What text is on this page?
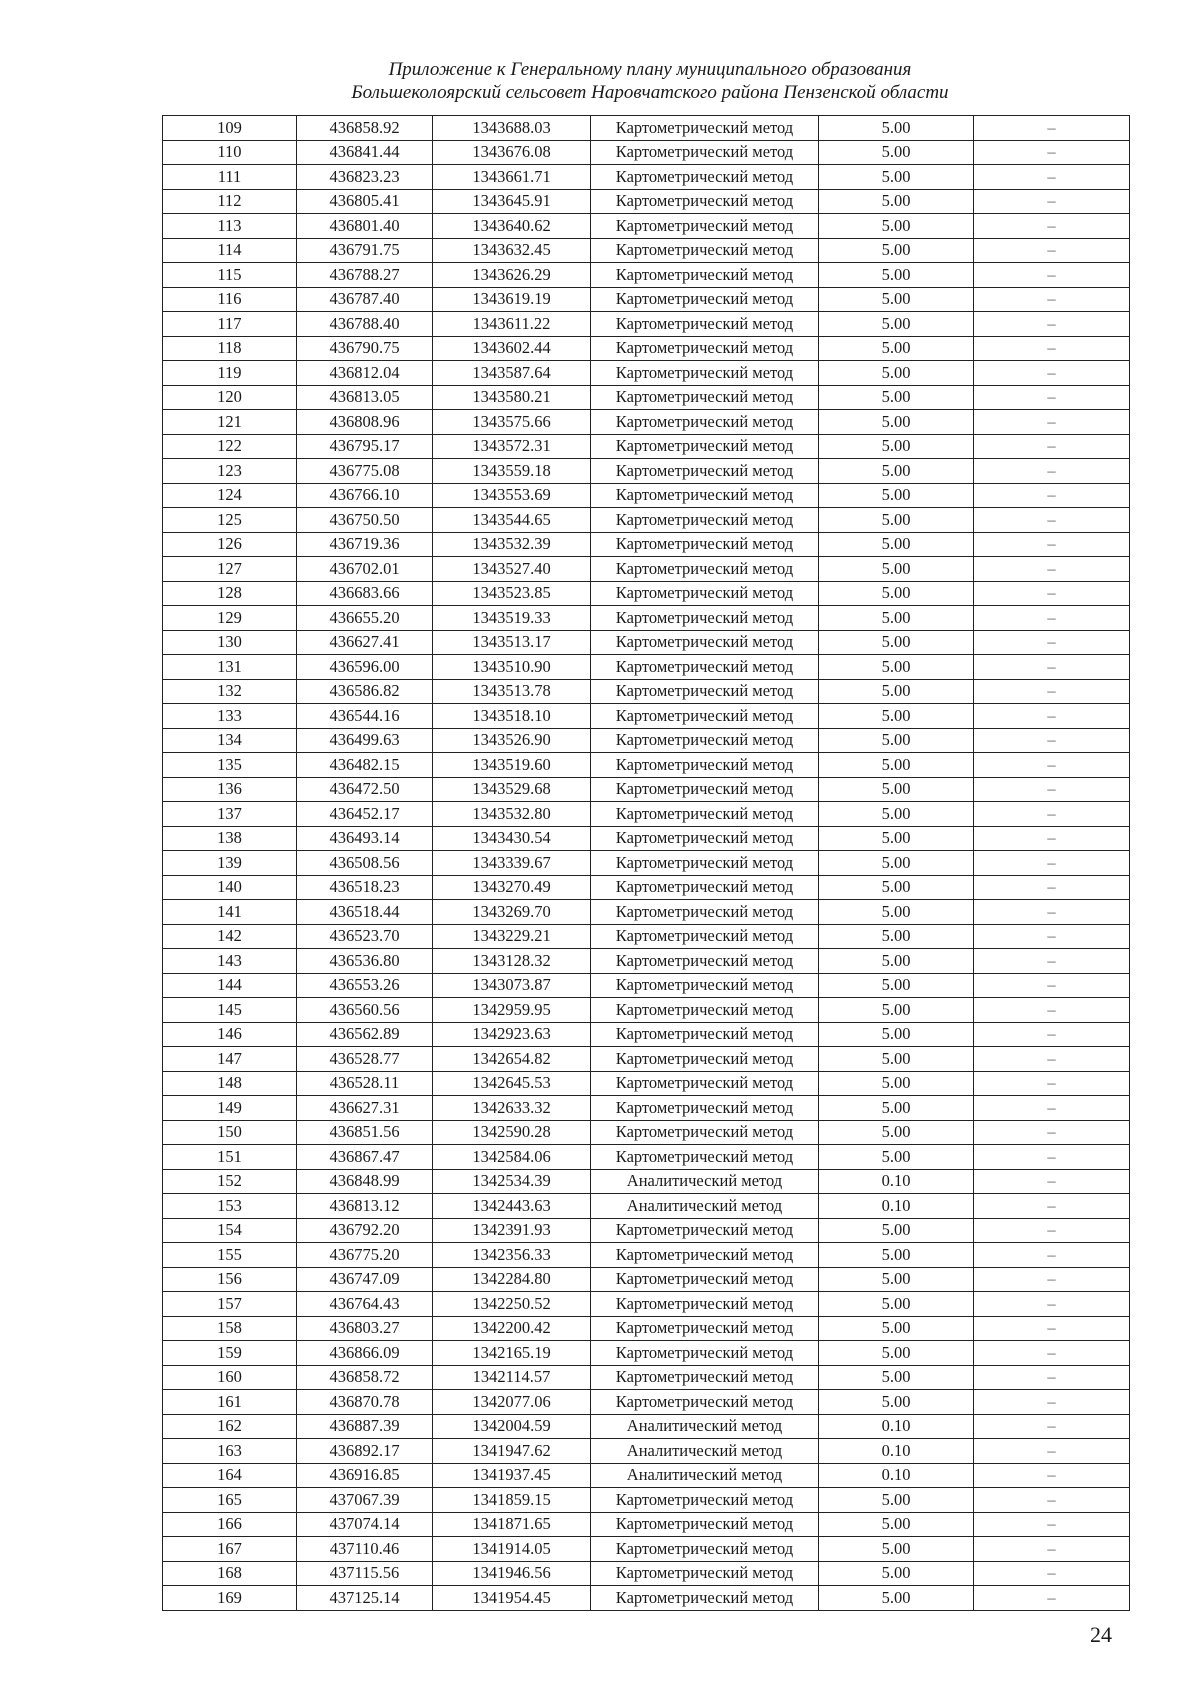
Приложение к Генеральному плану муниципального образования
Большеколоярский сельсовет Наровчатского района Пензенской области
109	436858.92	1343688.03	Картометрический метод	5.00	–
110	436841.44	1343676.08	Картометрический метод	5.00	–
111	436823.23	1343661.71	Картометрический метод	5.00	–
112	436805.41	1343645.91	Картометрический метод	5.00	–
113	436801.40	1343640.62	Картометрический метод	5.00	–
114	436791.75	1343632.45	Картометрический метод	5.00	–
115	436788.27	1343626.29	Картометрический метод	5.00	–
116	436787.40	1343619.19	Картометрический метод	5.00	–
117	436788.40	1343611.22	Картометрический метод	5.00	–
118	436790.75	1343602.44	Картометрический метод	5.00	–
119	436812.04	1343587.64	Картометрический метод	5.00	–
120	436813.05	1343580.21	Картометрический метод	5.00	–
121	436808.96	1343575.66	Картометрический метод	5.00	–
122	436795.17	1343572.31	Картометрический метод	5.00	–
123	436775.08	1343559.18	Картометрический метод	5.00	–
124	436766.10	1343553.69	Картометрический метод	5.00	–
125	436750.50	1343544.65	Картометрический метод	5.00	–
126	436719.36	1343532.39	Картометрический метод	5.00	–
127	436702.01	1343527.40	Картометрический метод	5.00	–
128	436683.66	1343523.85	Картометрический метод	5.00	–
129	436655.20	1343519.33	Картометрический метод	5.00	–
130	436627.41	1343513.17	Картометрический метод	5.00	–
131	436596.00	1343510.90	Картометрический метод	5.00	–
132	436586.82	1343513.78	Картометрический метод	5.00	–
133	436544.16	1343518.10	Картометрический метод	5.00	–
134	436499.63	1343526.90	Картометрический метод	5.00	–
135	436482.15	1343519.60	Картометрический метод	5.00	–
136	436472.50	1343529.68	Картометрический метод	5.00	–
137	436452.17	1343532.80	Картометрический метод	5.00	–
138	436493.14	1343430.54	Картометрический метод	5.00	–
139	436508.56	1343339.67	Картометрический метод	5.00	–
140	436518.23	1343270.49	Картометрический метод	5.00	–
141	436518.44	1343269.70	Картометрический метод	5.00	–
142	436523.70	1343229.21	Картометрический метод	5.00	–
143	436536.80	1343128.32	Картометрический метод	5.00	–
144	436553.26	1343073.87	Картометрический метод	5.00	–
145	436560.56	1342959.95	Картометрический метод	5.00	–
146	436562.89	1342923.63	Картометрический метод	5.00	–
147	436528.77	1342654.82	Картометрический метод	5.00	–
148	436528.11	1342645.53	Картометрический метод	5.00	–
149	436627.31	1342633.32	Картометрический метод	5.00	–
150	436851.56	1342590.28	Картометрический метод	5.00	–
151	436867.47	1342584.06	Картометрический метод	5.00	–
152	436848.99	1342534.39	Аналитический метод	0.10	–
153	436813.12	1342443.63	Аналитический метод	0.10	–
154	436792.20	1342391.93	Картометрический метод	5.00	–
155	436775.20	1342356.33	Картометрический метод	5.00	–
156	436747.09	1342284.80	Картометрический метод	5.00	–
157	436764.43	1342250.52	Картометрический метод	5.00	–
158	436803.27	1342200.42	Картометрический метод	5.00	–
159	436866.09	1342165.19	Картометрический метод	5.00	–
160	436858.72	1342114.57	Картометрический метод	5.00	–
161	436870.78	1342077.06	Картометрический метод	5.00	–
162	436887.39	1342004.59	Аналитический метод	0.10	–
163	436892.17	1341947.62	Аналитический метод	0.10	–
164	436916.85	1341937.45	Аналитический метод	0.10	–
165	437067.39	1341859.15	Картометрический метод	5.00	–
166	437074.14	1341871.65	Картометрический метод	5.00	–
167	437110.46	1341914.05	Картометрический метод	5.00	–
168	437115.56	1341946.56	Картометрический метод	5.00	–
169	437125.14	1341954.45	Картометрический метод	5.00	–
24
